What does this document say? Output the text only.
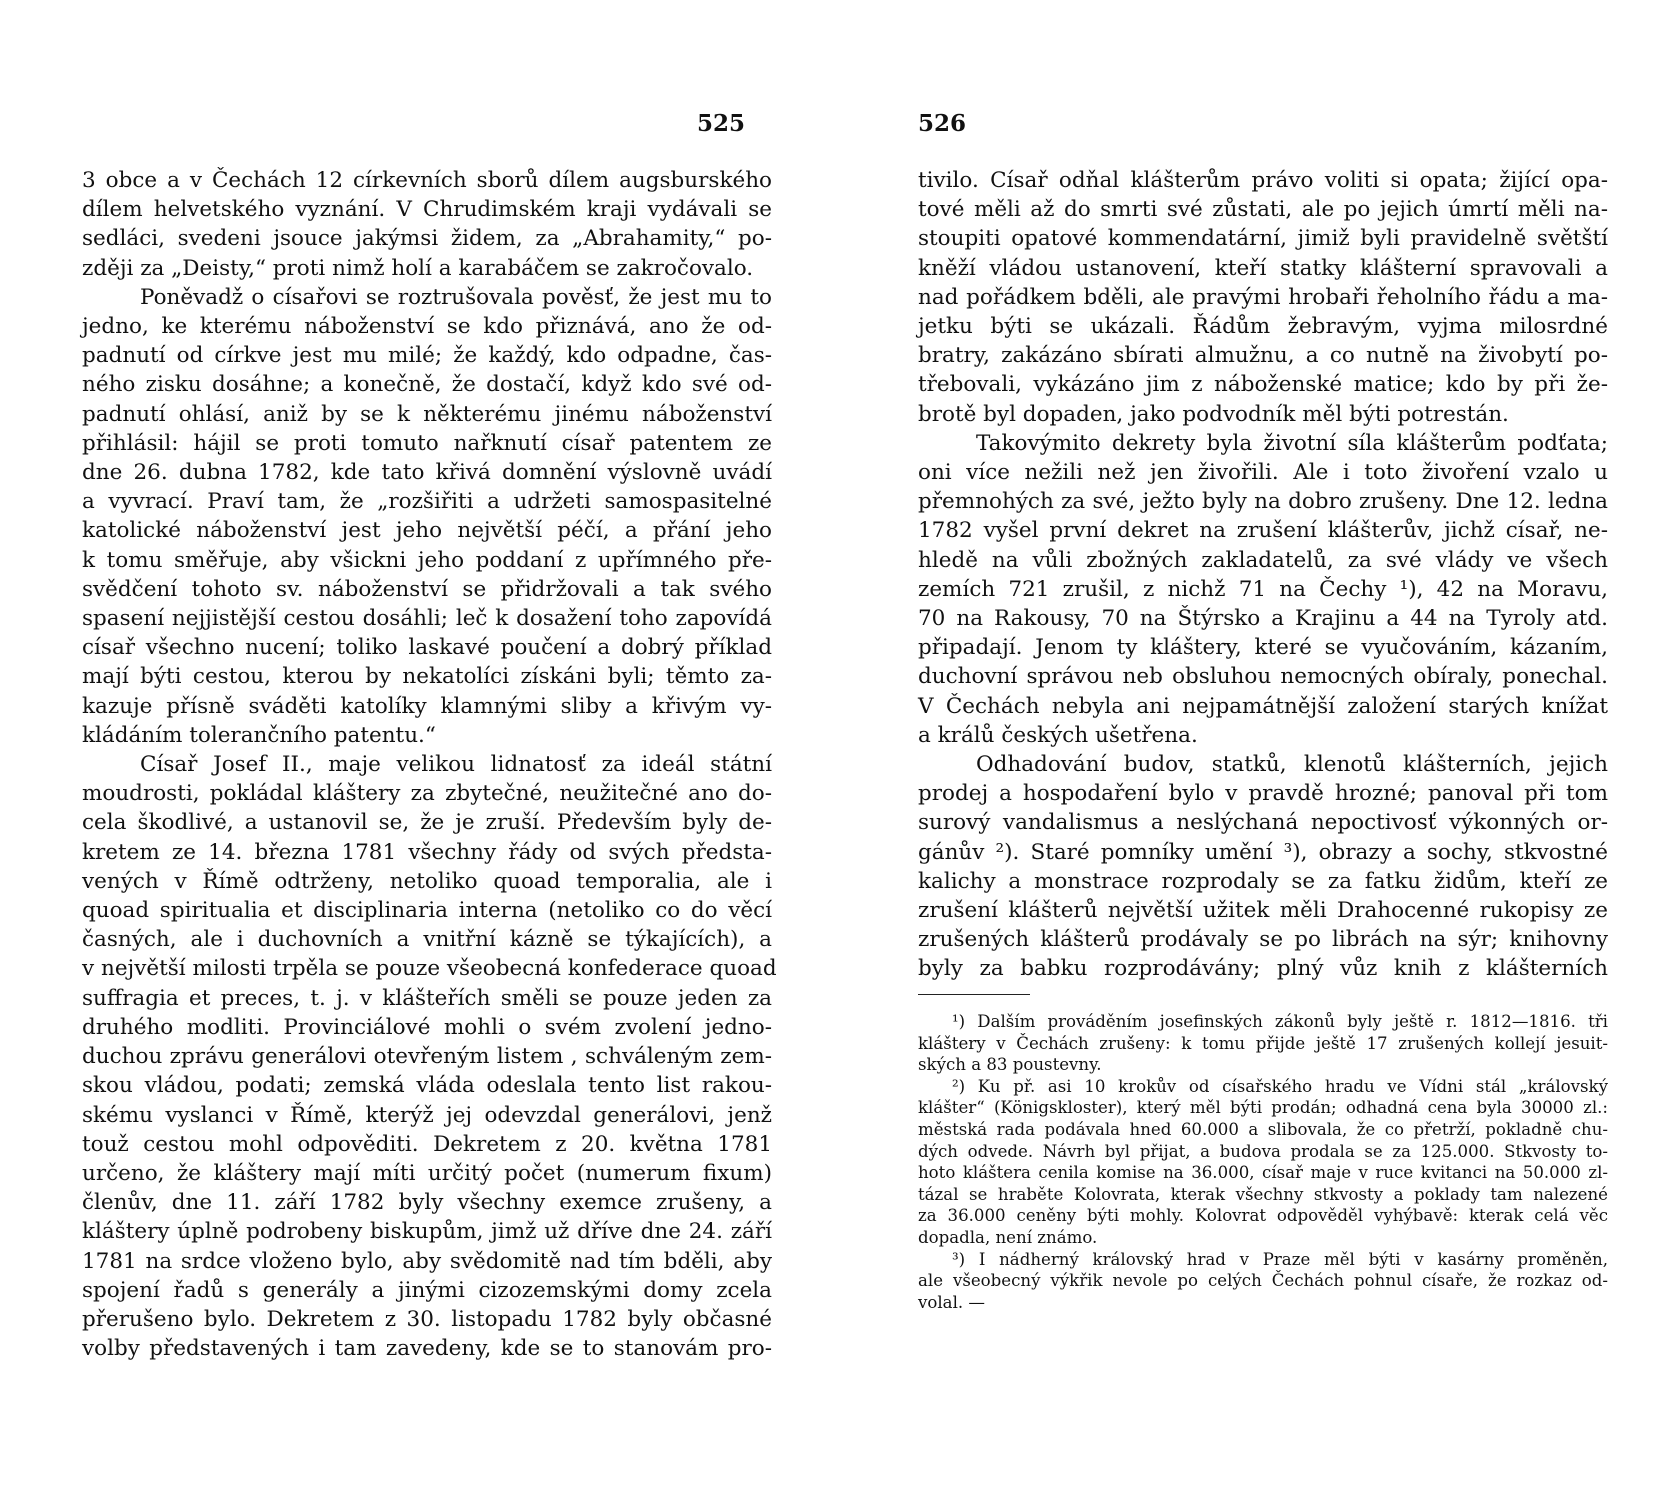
525	526
3 obce a v Čechách 12 církevních sborů dílem augsburského
dílem helvetského vyznání. V Chrudimském kraji vydávali se
sedláci, svedeni jsouce jakýmsi židem, za „Abrahamity,“ po-
zději za „Deisty,“ proti nimž holí a karabáčem se zakročovalo.
Poněvadž o císařovi se roztrušovala pověsť, že jest mu to
jedno, ke kterému náboženství se kdo přiznává, ano že od-
padnutí od církve jest mu milé; že každý, kdo odpadne, čas-
ného zisku dosáhne; a konečně, že dostačí, když kdo své od-
padnutí ohlásí, aniž by se k některému jinému náboženství
přihlásil: hájil se proti tomuto nařknutí císař patentem ze
dne 26. dubna 1782, kde tato křivá domnění výslovně uvádí
a vyvrací. Praví tam, že „rozšiřiti a udržeti samospasitelné
katolické náboženství jest jeho největší péčí, a přání jeho
k tomu směřuje, aby všickni jeho poddaní z upřímného pře-
svědčení tohoto sv. náboženství se přidržovali a tak svého
spasení nejjistější cestou dosáhli; leč k dosažení toho zapovídá
císař všechno nucení; toliko laskavé poučení a dobrý příklad
mají býti cestou, kterou by nekatolíci získáni byli; těmto za-
kazuje přísně sváděti katolíky klamnými sliby a křivým vy-
kládáním tolerančního patentu.“
Císař Josef II., maje velikou lidnatosť za ideál státní
moudrosti, pokládal kláštery za zbytečné, neužitečné ano do-
cela škodlivé, a ustanovil se, že je zruší. Především byly de-
kretem ze 14. března 1781 všechny řády od svých předsta-
vených v Římě odtrženy, netoliko quoad temporalia, ale i
quoad spiritualia et disciplinaria interna (netoliko co do věcí
časných, ale i duchovních a vnitřní kázně se týkajících), a
v největší milosti trpěla se pouze všeobecná konfederace quoad
suffragia et preces, t. j. v klášteřích směli se pouze jeden za
druhého modliti. Provinciálové mohli o svém zvolení jedno-
duchou zprávu generálovi otevřeným listem , schváleným zem-
skou vládou, podati; zemská vláda odeslala tento list rakou-
skému vyslanci v Římě, kterýž jej odevzdal generálovi, jenž
touž cestou mohl odpověditi. Dekretem z 20. května 1781
určeno, že kláštery mají míti určitý počet (numerum fixum)
členův, dne 11. září 1782 byly všechny exemce zrušeny, a
kláštery úplně podrobeny biskupům, jimž už dříve dne 24. září
1781 na srdce vloženo bylo, aby svědomitě nad tím bděli, aby
spojení řadů s generály a jinými cizozemskými domy zcela
přerušeno bylo. Dekretem z 30. listopadu 1782 byly občasné
volby představených i tam zavedeny, kde se to stanovám pro-
tivilo. Císař odňal klášterům právo voliti si opata; žijící opa-
tové měli až do smrti své zůstati, ale po jejich úmrtí měli na-
stoupiti opatové kommendatární, jimiž byli pravidelně světští
kněží vládou ustanovení, kteří statky klášterní spravovali a
nad pořádkem bděli, ale pravými hrobaři řeholního řádu a ma-
jetku býti se ukázali. Řádům žebravým, vyjma milosrdné
bratry, zakázáno sbírati almužnu, a co nutně na živobytí po-
třebovali, vykázáno jim z náboženské matice; kdo by při že-
brotě byl dopaden, jako podvodník měl býti potrestán.
Takovýmito dekrety byla životní síla klášterům podťata;
oni více nežili než jen živořili. Ale i toto živoření vzalo u
přemnohých za své, ježto byly na dobro zrušeny. Dne 12. ledna
1782 vyšel první dekret na zrušení klášterův, jichž císař, ne-
hledě na vůli zbožných zakladatelů, za své vlády ve všech
zemích 721 zrušil, z nichž 71 na Čechy ¹), 42 na Moravu,
70 na Rakousy, 70 na Štýrsko a Krajinu a 44 na Tyroly atd.
připadají. Jenom ty kláštery, které se vyučováním, kázaním,
duchovní správou neb obsluhou nemocných obíraly, ponechal.
V Čechách nebyla ani nejpamátnější založení starých knížat
a králů českých ušetřena.
Odhadování budov, statků, klenotů klášterních, jejich
prodej a hospodaření bylo v pravdě hrozné; panoval při tom
surový vandalismus a neslýchaná nepoctivosť výkonných or-
gánův ²). Staré pomníky umění ³), obrazy a sochy, stkvostné
kalichy a monstrace rozprodaly se za fatku židům, kteří ze
zrušení klášterů největší užitek měli Drahocenné rukopisy ze
zrušených klášterů prodávaly se po librách na sýr; knihovny
byly za babku rozprodávány; plný vůz knih z klášterních
¹) Dalším prováděním josefinských zákonů byly ještě r. 1812—1816. tři
kláštery v Čechách zrušeny: k tomu přijde ještě 17 zrušených kollejí jesuit-
ských a 83 poustevny.
²) Ku př. asi 10 krokův od císařského hradu ve Vídni stál „královský
klášter“ (Königskloster), který měl býti prodán; odhadná cena byla 30000 zl.:
městská rada podávala hned 60.000 a slibovala, že co přetrží, pokladně chu-
dých odvede. Návrh byl přijat, a budova prodala se za 125.000. Stkvosty to-
hoto kláštera cenila komise na 36.000, císař maje v ruce kvitanci na 50.000 zl-
tázal se hraběte Kolovrata, kterak všechny stkvosty a poklady tam nalezené
za 36.000 ceněny býti mohly. Kolovrat odpověděl vyhýbavě: kterak celá věc
dopadla, není známo.
³) I nádherný královský hrad v Praze měl býti v kasárny proměněn,
ale všeobecný výkřik nevole po celých Čechách pohnul císaře, že rozkaz od-
volal. —
